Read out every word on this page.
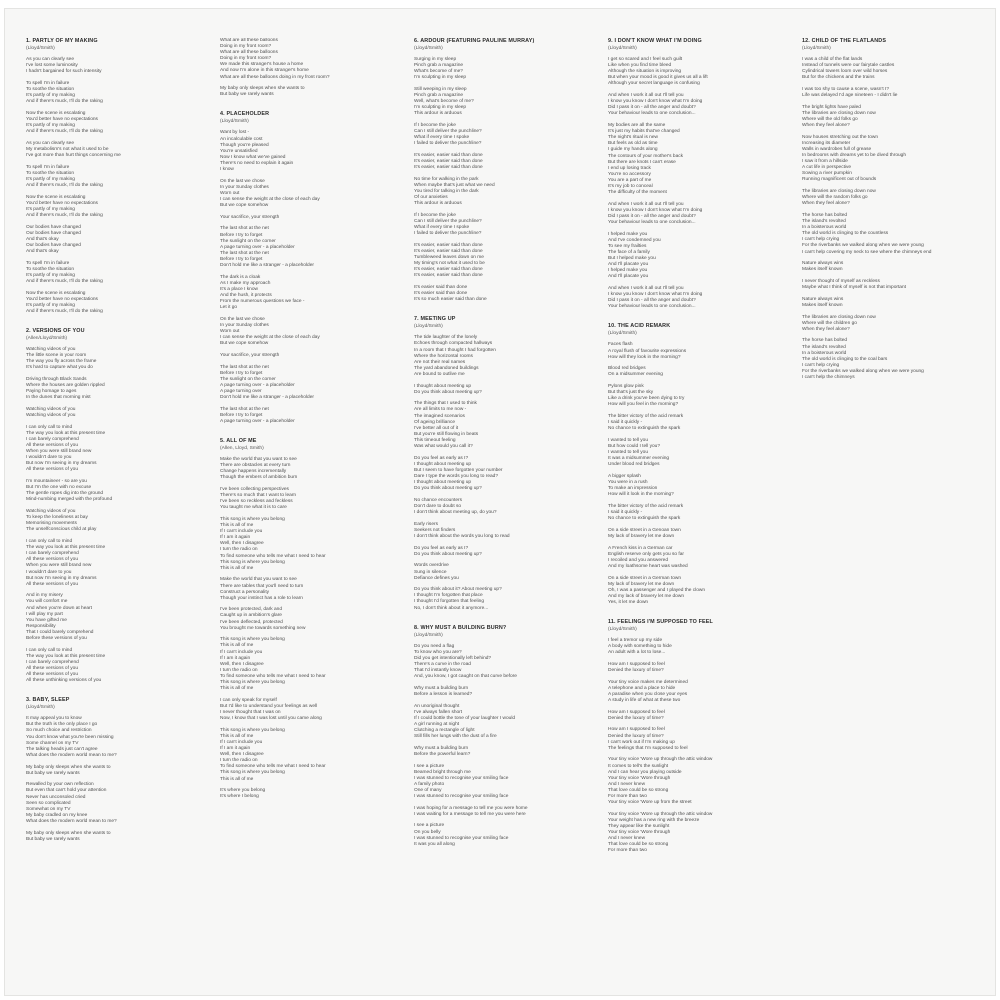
1. PARTLY OF MY MAKING
(Lloyd/Smith)
As you can clearly see
I've lost some luminosity
I hadn't bargained for such intensity
To spell I'm in failure
To soothe the situation
It's partly of my making
And if there's muck, I'll do the raking
Now the scene is escalating
You'd better have no expectations
It's partly of my making
And if there's muck, I'll do the raking
As you can clearly see
My metabolism's not what it used to be
I've got more than hurt things concerning me
To spell I'm in failure
To soothe the situation
It's partly of my making
And if there's muck, I'll do the raking
Now the scene is escalating
You'd better have no expectations
It's partly of my making
And if there's muck, I'll do the raking
Our bodies have changed
Our bodies have changed
And that's okay
Our bodies have changed
And that's okay
To spell I'm in failure
To soothe the situation
It's partly of my making
And if there's muck, I'll do the raking
Now the scene is escalating
You'd better have no expectations
It's partly of my making
And if there's muck, I'll do the raking
2. VERSIONS OF YOU
(Allen/Lloyd/Smith)
Watching videos of you
The little scene in your room
The way you fly across the frame
It's hard to capture what you do
Driving through Black Sands
Where the houses are golden rippled
Paying homage to ages
In the dunes that morning mist
Watching videos of you
Watching videos of you
I can only call to mind
The way you look at this present time
I can barely comprehend
All these versions of you
When you were still brand new
I wouldn't dare to you
But now I'm seeing in my dreams
All these versions of you
I'm mountaineer - so are you
But I'm the one with no excuse
The gentle ropes dig into the ground
Mind-numbing merged with the profound
Watching videos of you
To keep the loneliness at bay
Memorising movements
The unselfconscious child at play
I can only call to mind
The way you look at this present time
I can barely comprehend
All these versions of you
When you were still brand new
I wouldn't dare to you
But now I'm seeing in my dreams
All these versions of you
And in my misery
You will comfort me
And when you're down at heart
I will play my part
You have gifted me
Responsibility
That I could barely comprehend
Before these versions of you
I can only call to mind
The way you look at this present time
I can barely comprehend
All these versions of you
All these versions of you
All these unthinking versions of you
3. BABY, SLEEP
(Lloyd/Smith)
It may appeal you to know
But the truth is the only place I go
So much choice and restriction
You don't know what you're been missing
Some channel on my TV
The talking heads just can't agree
What does the modern world mean to me?
My baby only sleeps when she wants to
But baby we rarely wants
Rewalled by your own reflection
But even that can't hold your attention
Never has unconsoled cried
Seen so complicated
Somewhat on my TV
My baby cradled on my knee
What does the modern world mean to me?
My baby only sleeps when she wants to
But baby we rarely wants
What are all these balloons
Doing in my front room?
What are all these balloons
Doing in my front room?
We made this stranger's house a home
And now I'm alone in this stranger's home
What are all these balloons doing in my front room?
My baby only sleeps when she wants to
But baby we rarely wants
4. PLACEHOLDER
(Lloyd/Smith)
Want by lost -
An incalculable cost
Though you're pleased
You're unsatisfied
Now I know what we've gained
There's no need to explain it again
I know
On the last we chose
In your Sunday clothes
Worn out
I can sense the weight at the close of each day
But we cope somehow
Your sacrifice, your strength
The last shot at the net
Before I try to forget
The sunlight on the corner
A page turning over - a placeholder
The last shot at the net
Before I try to forget
Don't hold me like a stranger - a placeholder
The dark is a cloak
As I make my approach
It's a place I know
And the hush, it protects
From the numerous questions we face -
Let it go
On the last we chose
In your Sunday clothes
Worn out
I can sense the weight at the close of each day
But we cope somehow
Your sacrifice, your strength
The last shot at the net
Before I try to forget
The sunlight on the corner
A page turning over - a placeholder
A page turning over
Don't hold me like a stranger - a placeholder
The last shot at the net
Before I try to forget
A page turning over - a placeholder
5. ALL OF ME
(Allen, Lloyd, Smith)
Make the world that you want to see
There are obstacles at every turn
Change happens incrementally
Though the embers of ambition burn
I've been collecting perspectives
There's so much that I want to learn
I've been so reckless and feckless
You taught me what it is to care
This song is where you belong
This is all of me
If I can't include you
If I am it again
Well, then I disagree
I turn the radio on
To find someone who tells me what I need to hear
This song is where you belong
This is all of me
Make the world that you want to see
There are tables that you'll need to turn
Construct a personality
Though your instinct has a role to learn
I've been protected, dark and
Caught up in ambition's glare
I've been deflected, protected
You brought me towards something new
This song is where you belong
This is all of me
If I can't include you
If I am it again
Well, then I disagree
I turn the radio on
To find someone who tells me what I need to hear
This song is where you belong
This is all of me
I can only speak for myself
But I'd like to understand your feelings as well
I never thought that I was on
Now, I know that I was lost until you came along
This song is where you belong
This is all of me
If I can't include you
If I am it again
Well, then I disagree
I turn the radio on
To find someone who tells me what I need to hear
This song is where you belong
This is all of me
It's where you belong
It's where I belong
6. ARDOUR (FEATURING PAULINE MURRAY)
(Lloyd/Smith)
Surging in my sleep
Pinch grab a magazine
What's become of me?
I'm sculpting in my sleep
Still weeping in my sleep
Pinch grab a magazine
Well, what's become of me?
I'm sculpting in my sleep
This ardour is arduous
If I become the joke
Can I still deliver the punchline?
What if every time I spoke
I failed to deliver the punchline?
It's easier, easier said than done
It's easier, easier said than done
It's easier, easier said than done
No time for walking in the park
When maybe that's just what we need
You tired for talking in the dark
Of our anxieties
This ardour is arduous
If I become the joke
Can I still deliver the punchline?
What if every time I spoke
I failed to deliver the punchline?
It's easier, easier said than done
It's easier, easier said than done
Tumbleweed leaves down on me
My timing's not what it used to be
It's easier, easier said than done
It's easier, easier said than done
It's easier said than done
It's easier said than done
It's so much easier said than done
7. MEETING UP
(Lloyd/Smith)
The tide laughter of the lonely
Echoes through compacted hallways
In a room that I thought I had forgotten
Where the horizontal rooms
Are not their real names
The yard abandoned buildings
Are bound to outlive me
I thought about meeting up
Do you think about meeting up?
The things that I used to think
Are all limits to me now -
The imagined scenarios
Of ageing brilliance
I've better all out of it
But you're still flowing in beats
This timeout feeling
Was what would you call it?
Do you feel as early as I?
I thought about meeting up
But I seem to have forgotten your number
Dare I type the words you long to read?
I thought about meeting up
Do you think about meeting up?
No chance encounters
Don't dare to doubt so
I don't think about meeting up, do you?
Early risers
Seekers not finders
I don't think about the words you long to read
Do you feel as early as I?
Do you think about meeting up?
Words overdrive
Sung in silence
Defiance defines you
Do you think about it? About meeting up?
I thought I'm forgotten that place
I thought I'd forgotten that feeling
No, I don't think about it anymore...
8. WHY MUST A BUILDING BURN?
(Lloyd/Smith)
Do you need a flag
To know who you are?
Did you get intentionally left behind?
There's a curve in the road
That I'd instantly know
And, you know, I got caught on that curve before
Why must a building burn
Before a lesson is learned?
An unoriginal thought
I've always fallen short
If I could bottle the tone of your laughter I would
A girl running at night
Clutching a rectangle of light
Still fills her lungs with the dust of a fire
Why must a building burn
Before the powerful learn?
I see a picture
Beamed bright through me
I was stunned to recognise your smiling face
A family photo
One of many
I was stunned to recognise your smiling face
I was hoping for a message to tell me you were home
I was waiting for a message to tell me you were here
I see a picture
On you belly
I was stunned to recognise your smiling face
It was you all along
9. I DON'T KNOW WHAT I'M DOING
(Lloyd/Smith)
I get so scared and I feel such guilt
Like when you find time bleed
Although the situation is improving
But when your mood is good it gives us all a lift
Although your secret language is confusing
And when I work it all out I'll tell you
I know you know I don't know what I'm doing
Did I pass it on - all the anger and doubt?
Your behaviour leads to one conclusion...
My bodies are all the same
It's just my habits that've changed
The night's ritual is new
But feels as old as time
I guide my hands along
The contours of your mother's back
But there are knots I can't erase
I end up losing track
You're no accessory
You are a part of me
It's my job to conceal
The difficulty of the moment
And when I work it all out I'll tell you
I know you know I don't know what I'm doing
Did I pass it on - all the anger and doubt?
Your behaviour leads to one conclusion...
I helped make you
And I've condemned you
To see my frailties
The face of a family
But I helped make you
And I'll placate you
I helped make you
And I'll placate you
And when I work it all out I'll tell you
I know you know I don't know what I'm doing
Did I pass it on - all the anger and doubt?
Your behaviour leads to one conclusion...
10. THE ACID REMARK
(Lloyd/Smith)
Faces flash
A royal flush of favourite expressions
How will they look in the morning?
Blood red bridges
On a midsummer evening
Pylons glow pink
But that's just the sky
Like a drink you've been dying to try
How will you feel in the morning?
The bitter victory of the acid remark
I said it quickly -
No chance to extinguish the spark
I wanted to tell you
But how could I tell you?
I wanted to tell you
It was a midsummer evening
Under blood red bridges
A bigger splash
You were in a rush
To make an impression
How will it look in the morning?
The bitter victory of the acid remark
I said it quickly -
No chance to extinguish the spark
On a side street in a Genoan town
My lack of bravery let me down
A French kiss in a German car
English reserve only gets you so far
I recoiled and you answered
And my loathsome heart was washed
On a side street in a German town
My lack of bravery let me down
Oh, I was a passenger and I played the clown
And my lack of bravery let me down
Yes, it let me down
11. FEELINGS I'M SUPPOSED TO FEEL
(Lloyd/Smith)
I feel a tremor up my side
A body with something to hide
An adult with a lot to lose...
How am I supposed to feel
Denied the luxury of time?
Your tiny voice makes me determined
A telephone and a place to hide
A paradise when you close your eyes
A study in life of what at these two
How am I supposed to feel
Denied the luxury of time?
How am I supposed to feel
Denied the luxury of time?
I can't work out if I'm making up
The feelings that I'm supposed to feel
Your tiny voice 'Wore up through the attic window
It comes to tell's the sunlight
And I can hear you playing outside
Your tiny voice 'Wore through
And I never knew
That love could be so strong
For more than two
Your tiny voice 'Wore up from the street
Your tiny voice 'Wore up through the attic window
Your weight has a new ring with the breeze
They appear like the sunlight
Your tiny voice 'Wore through
And I never knew
That love could be so strong
For more than two
12. CHILD OF THE FLATLANDS
(Lloyd/Smith)
I was a child of the flat lands
Instead of tunnels were our fairytale castles
Cylindrical towers loom over wild horses
But for the chickens and the trains
I was too shy to cause a scene, wasn't I?
Life was delayed I'd age nineteen - I didn't lie
The bright lights have paled
The libraries are closing down now
Where will the old folks go
When they feel alone?
Now houses stretching out the town
Increasing its diameter
Walls in wardrobes full of grease
In bedrooms with dreams yet to be dived through
I saw it from a hillside
A cut life in perspective
Sowing a river pumpkin
Running magnificent out of bounds
The libraries are closing down now
Where will the random folks go
When they feel alone?
The horse has bolted
The island's revolted
In a boisterous world
The old world is clinging to the countless
I can't help crying
For the riverbanks we walked along when we were young
I can't help covering my neck to see where the chimneys end
Nature always wins
Makes itself known
I never thought of myself as reckless
Maybe what I think of myself is not that important
Nature always wins
Makes itself known
The libraries are closing down now
Where will the children go
When they feel alone?
The horse has bolted
The island's revolted
In a boisterous world
The old world is clinging to the coal bars
I can't help crying
For the riverbanks we walked along when we were young
I can't help the chimneys
